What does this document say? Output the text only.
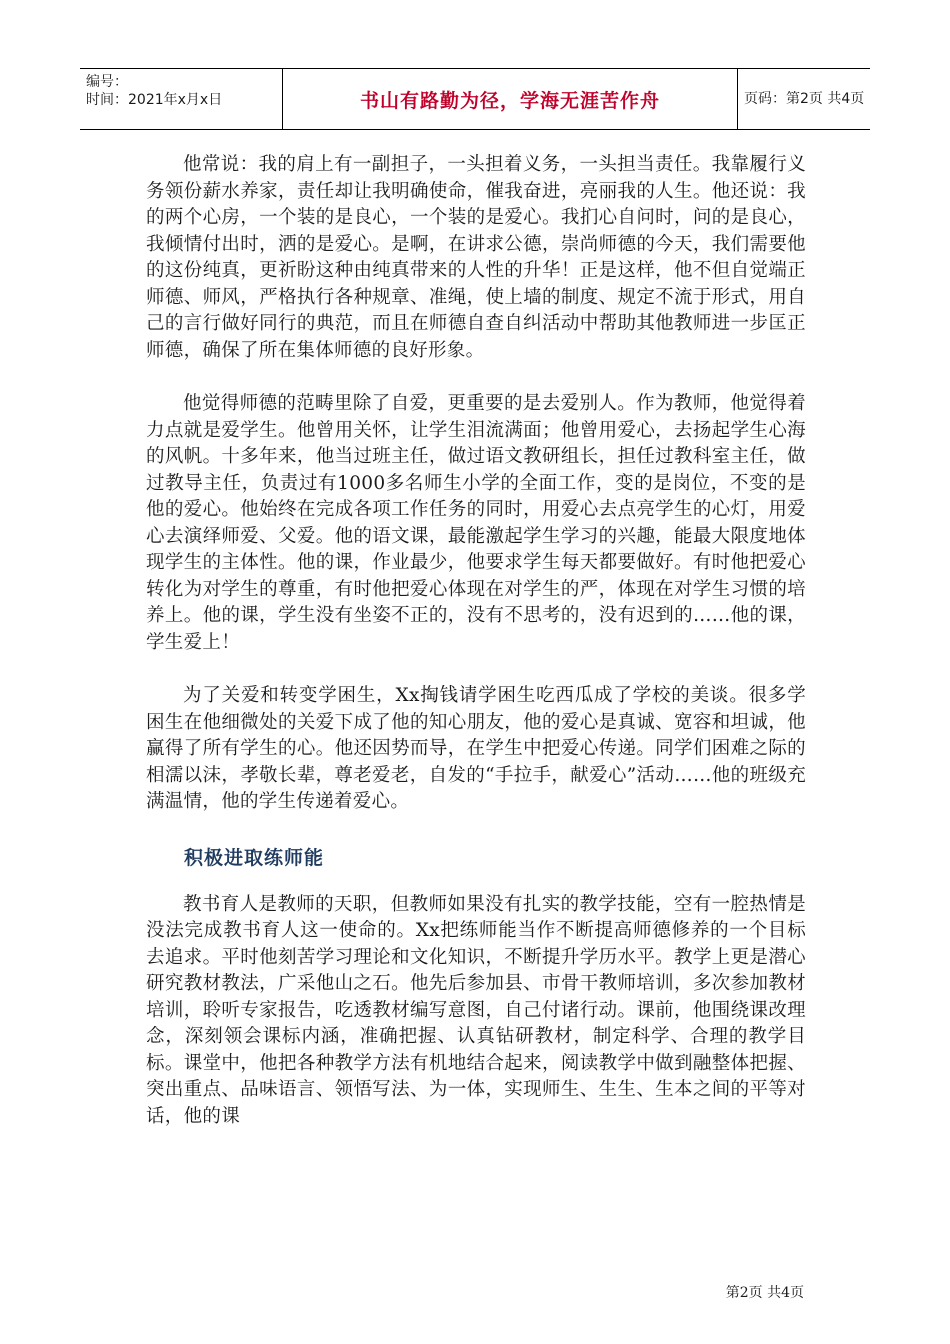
编号：
时间：2021年x月x日	书山有路勤为径，学海无涯苦作舟	页码：第2页 共4页

他常说：我的肩上有一副担子，一头担着义务，一头担当责任。我靠履行义务领份薪水养家，责任却让我明确使命，催我奋进，亮丽我的人生。他还说：我的两个心房，一个装的是良心，一个装的是爱心。我扪心自问时，问的是良心，我倾情付出时，洒的是爱心。是啊，在讲求公德，崇尚师德的今天，我们需要他的这份纯真，更祈盼这种由纯真带来的人性的升华！正是这样，他不但自觉端正师德、师风，严格执行各种规章、准绳，使上墙的制度、规定不流于形式，用自己的言行做好同行的典范，而且在师德自查自纠活动中帮助其他教师进一步匡正师德，确保了所在集体师德的良好形象。

他觉得师德的范畴里除了自爱，更重要的是去爱别人。作为教师，他觉得着力点就是爱学生。他曾用关怀，让学生泪流满面；他曾用爱心，去扬起学生心海的风帆。十多年来，他当过班主任，做过语文教研组长，担任过教科室主任，做过教导主任，负责过有1000多名师生小学的全面工作，变的是岗位，不变的是他的爱心。他始终在完成各项工作任务的同时，用爱心去点亮学生的心灯，用爱心去演绎师爱、父爱。他的语文课，最能激起学生学习的兴趣，能最大限度地体现学生的主体性。他的课，作业最少，他要求学生每天都要做好。有时他把爱心转化为对学生的尊重，有时他把爱心体现在对学生的严，体现在对学生习惯的培养上。他的课，学生没有坐姿不正的，没有不思考的，没有迟到的……他的课，学生爱上！

为了关爱和转变学困生，Xx掏钱请学困生吃西瓜成了学校的美谈。很多学困生在他细微处的关爱下成了他的知心朋友，他的爱心是真诚、宽容和坦诚，他赢得了所有学生的心。他还因势而导，在学生中把爱心传递。同学们困难之际的相濡以沫，孝敬长辈，尊老爱老，自发的“手拉手，献爱心”活动……他的班级充满温情，他的学生传递着爱心。

积极进取练师能

教书育人是教师的天职，但教师如果没有扎实的教学技能，空有一腔热情是没法完成教书育人这一使命的。Xx把练师能当作不断提高师德修养的一个目标去追求。平时他刻苦学习理论和文化知识，不断提升学历水平。教学上更是潜心研究教材教法，广采他山之石。他先后参加县、市骨干教师培训，多次参加教材培训，聆听专家报告，吃透教材编写意图，自己付诸行动。课前，他围绕课改理念，深刻领会课标内涵，准确把握、认真钻研教材，制定科学、合理的教学目标。课堂中，他把各种教学方法有机地结合起来，阅读教学中做到融整体把握、突出重点、品味语言、领悟写法、为一体，实现师生、生生、生本之间的平等对话，他的课

第2页 共4页
